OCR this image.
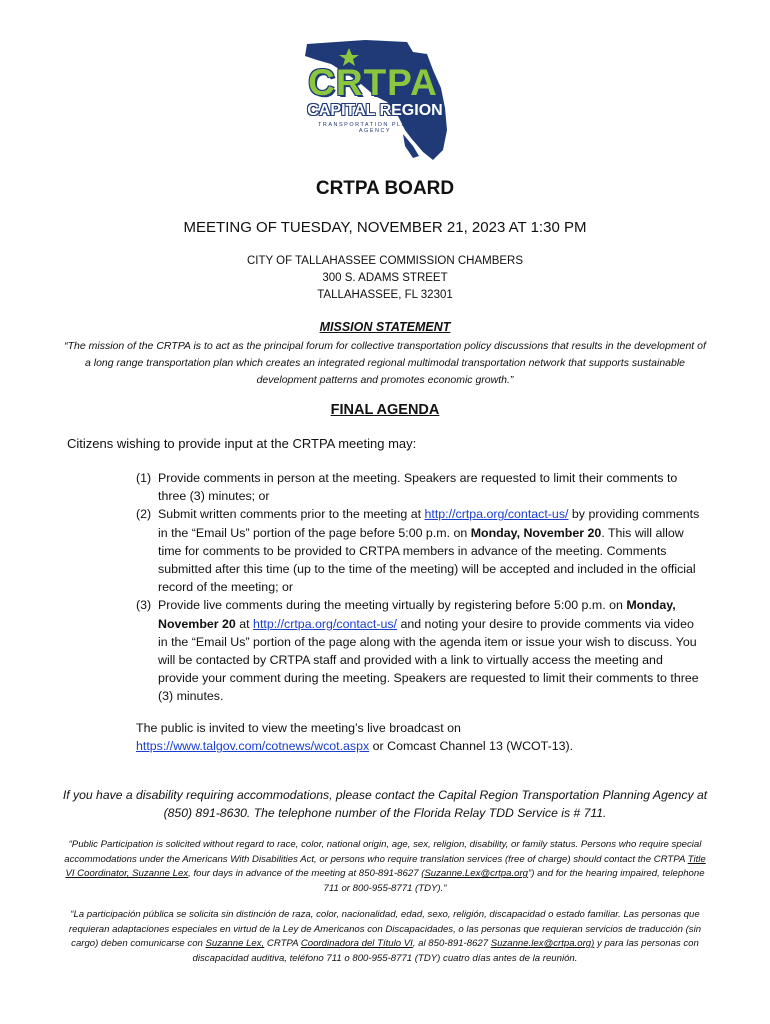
CRTPA
CAPITAL REGION
TRANSPORTATION PLANNING AGENCY
CRTPA BOARD
MEETING OF TUESDAY, NOVEMBER 21, 2023 AT 1:30 PM
CITY OF TALLAHASSEE COMMISSION CHAMBERS
300 S. ADAMS STREET
TALLAHASSEE, FL 32301
MISSION STATEMENT
“The mission of the CRTPA is to act as the principal forum for collective transportation policy discussions that results in the development of a long range transportation plan which creates an integrated regional multimodal transportation network that supports sustainable development patterns and promotes economic growth.”
FINAL AGENDA
Citizens wishing to provide input at the CRTPA meeting may:
(1) Provide comments in person at the meeting. Speakers are requested to limit their comments to three (3) minutes; or
(2) Submit written comments prior to the meeting at http://crtpa.org/contact-us/ by providing comments in the “Email Us” portion of the page before 5:00 p.m. on Monday, November 20. This will allow time for comments to be provided to CRTPA members in advance of the meeting. Comments submitted after this time (up to the time of the meeting) will be accepted and included in the official record of the meeting; or
(3) Provide live comments during the meeting virtually by registering before 5:00 p.m. on Monday, November 20 at http://crtpa.org/contact-us/ and noting your desire to provide comments via video in the “Email Us” portion of the page along with the agenda item or issue your wish to discuss. You will be contacted by CRTPA staff and provided with a link to virtually access the meeting and provide your comment during the meeting. Speakers are requested to limit their comments to three (3) minutes.
The public is invited to view the meeting’s live broadcast on
https://www.talgov.com/cotnews/wcot.aspx or Comcast Channel 13 (WCOT-13).
If you have a disability requiring accommodations, please contact the Capital Region Transportation Planning Agency at (850) 891-8630. The telephone number of the Florida Relay TDD Service is # 711.
“Public Participation is solicited without regard to race, color, national origin, age, sex, religion, disability, or family status. Persons who require special accommodations under the Americans With Disabilities Act, or persons who require translation services (free of charge) should contact the CRTPA Title VI Coordinator, Suzanne Lex, four days in advance of the meeting at 850-891-8627 (Suzanne.Lex@crtpa.org”) and for the hearing impaired, telephone 711 or 800-955-8771 (TDY).”
“La participación pública se solicita sin distinción de raza, color, nacionalidad, edad, sexo, religión, discapacidad o estado familiar. Las personas que requieran adaptaciones especiales en virtud de la Ley de Americanos con Discapacidades, o las personas que requieran servicios de traducción (sin cargo) deben comunicarse con Suzanne Lex, CRTPA Coordinadora del Título VI, al 850-891-8627 Suzanne.lex@crtpa.org) y para las personas con discapacidad auditiva, teléfono 711 o 800-955-8771 (TDY) cuatro días antes de la reunión.
